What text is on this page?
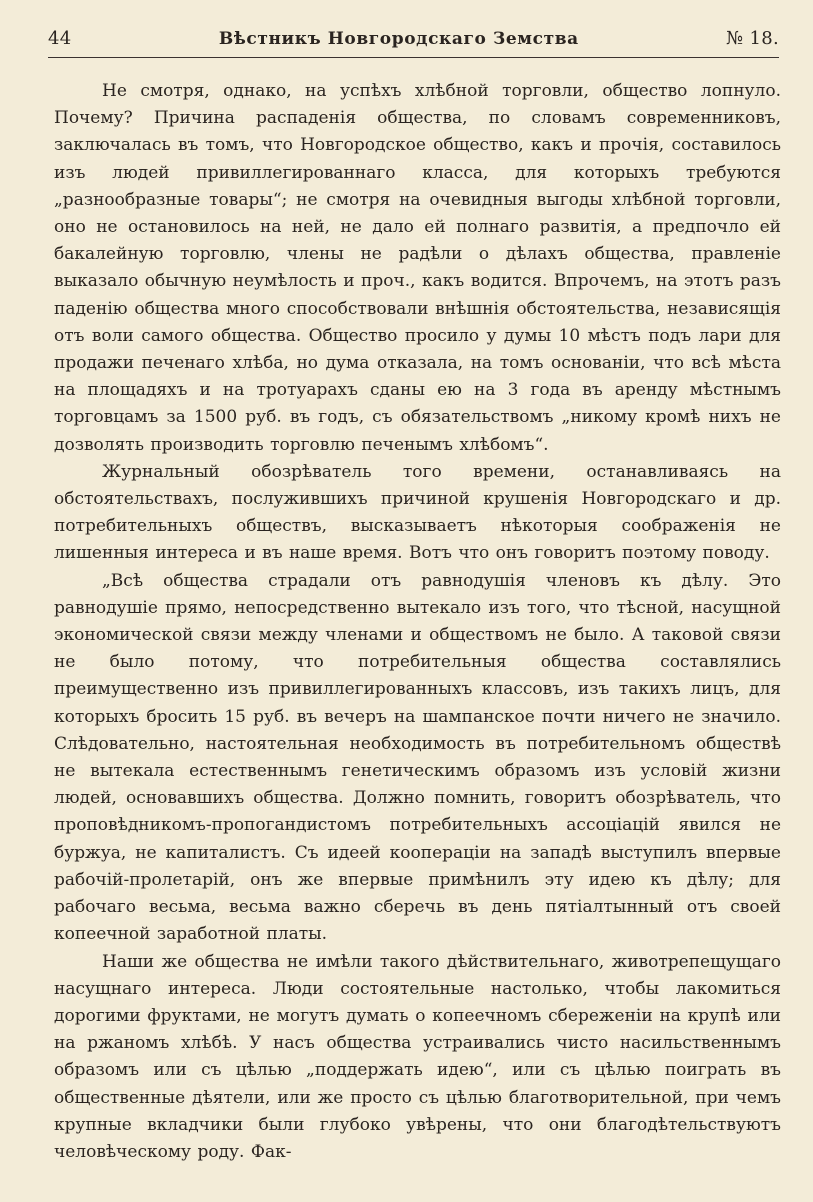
44	Вѣстникъ Новгородскаго Земства	№ 18.

Не смотря, однако, на успѣхъ хлѣбной торговли, общество лопнуло. Почему? Причина распаденія общества, по словамъ современниковъ, заключалась въ томъ, что Новгородское общество, какъ и прочія, составилось изъ людей привиллегированнаго класса, для которыхъ требуются „разнообразные товары“; не смотря на очевидныя выгоды хлѣбной торговли, оно не остановилось на ней, не дало ей полнаго развитія, а предпочло ей бакалейную торговлю, члены не радѣли о дѣлахъ общества, правленіе выказало обычную неумѣлость и проч., какъ водится. Впрочемъ, на этотъ разъ паденію общества много способствовали внѣшнія обстоятельства, независящія отъ воли самого общества. Общество просило у думы 10 мѣстъ подъ лари для продажи печенаго хлѣба, но дума отказала, на томъ основаніи, что всѣ мѣста на площадяхъ и на тротуарахъ сданы ею на 3 года въ аренду мѣстнымъ торговцамъ за 1500 руб. въ годъ, съ обязательствомъ „никому кромѣ нихъ не дозволять производить торговлю печенымъ хлѣбомъ“.

Журнальный обозрѣватель того времени, останавливаясь на обстоятельствахъ, послужившихъ причиной крушенія Новгородскаго и др. потребительныхъ обществъ, высказываетъ нѣкоторыя соображенія не лишенныя интереса и въ наше время. Вотъ что онъ говоритъ поэтому поводу.

„Всѣ общества страдали отъ равнодушія членовъ къ дѣлу. Это равнодушіе прямо, непосредственно вытекало изъ того, что тѣсной, насущной экономической связи между членами и обществомъ не было. А таковой связи не было потому, что потребительныя общества составлялись преимущественно изъ привиллегированныхъ классовъ, изъ такихъ лицъ, для которыхъ бросить 15 руб. въ вечеръ на шампанское почти ничего не значило. Слѣдовательно, настоятельная необходимость въ потребительномъ обществѣ не вытекала естественнымъ генетическимъ образомъ изъ условій жизни людей, основавшихъ общества. Должно помнить, говоритъ обозрѣватель, что проповѣдникомъ-пропогандистомъ потребительныхъ ассоціацій явился не буржуа, не капиталистъ. Съ идеей коопераціи на западѣ выступилъ впервые рабочій-пролетарій, онъ же впервые примѣнилъ эту идею къ дѣлу; для рабочаго весьма, весьма важно сберечь въ день пятіалтынный отъ своей копеечной заработной платы.

Наши же общества не имѣли такого дѣйствительнаго, животрепещущаго насущнаго интереса. Люди состоятельные настолько, чтобы лакомиться дорогими фруктами, не могутъ думать о копеечномъ сбереженіи на крупѣ или на ржаномъ хлѣбѣ. У насъ общества устраивались чисто насильственнымъ образомъ или съ цѣлью „поддержать идею“, или съ цѣлью поиграть въ общественные дѣятели, или же просто съ цѣлью благотворительной, при чемъ крупные вкладчики были глубоко увѣрены, что они благодѣтельствуютъ человѣческому роду. Фак-
